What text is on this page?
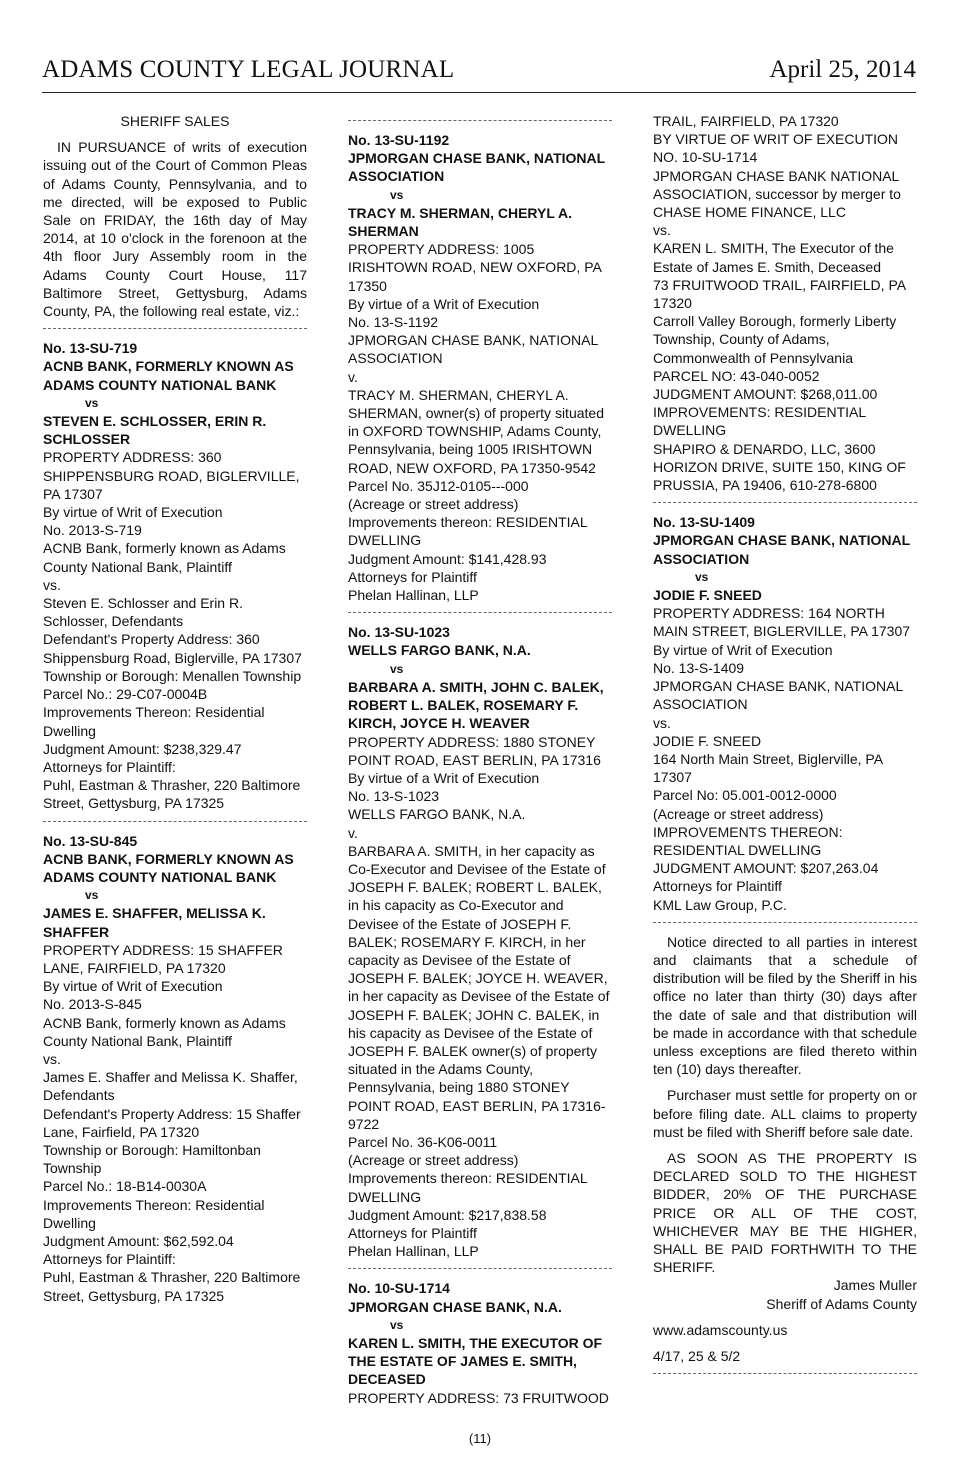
ADAMS COUNTY LEGAL JOURNAL	April 25, 2014
SHERIFF SALES
IN PURSUANCE of writs of execution issuing out of the Court of Common Pleas of Adams County, Pennsylvania, and to me directed, will be exposed to Public Sale on FRIDAY, the 16th day of May 2014, at 10 o'clock in the forenoon at the 4th floor Jury Assembly room in the Adams County Court House, 117 Baltimore Street, Gettysburg, Adams County, PA, the following real estate, viz.:
No. 13-SU-719
ACNB BANK, FORMERLY KNOWN AS ADAMS COUNTY NATIONAL BANK
vs
STEVEN E. SCHLOSSER, ERIN R. SCHLOSSER
PROPERTY ADDRESS: 360 SHIPPENSBURG ROAD, BIGLERVILLE, PA 17307
By virtue of Writ of Execution
No. 2013-S-719
ACNB Bank, formerly known as Adams County National Bank, Plaintiff
vs.
Steven E. Schlosser and Erin R. Schlosser, Defendants
Defendant's Property Address: 360 Shippensburg Road, Biglerville, PA 17307
Township or Borough: Menallen Township
Parcel No.: 29-C07-0004B
Improvements Thereon: Residential Dwelling
Judgment Amount: $238,329.47
Attorneys for Plaintiff:
Puhl, Eastman & Thrasher, 220 Baltimore Street, Gettysburg, PA 17325
No. 13-SU-845
ACNB BANK, FORMERLY KNOWN AS ADAMS COUNTY NATIONAL BANK
vs
JAMES E. SHAFFER, MELISSA K. SHAFFER
PROPERTY ADDRESS: 15 SHAFFER LANE, FAIRFIELD, PA 17320
By virtue of Writ of Execution
No. 2013-S-845
ACNB Bank, formerly known as Adams County National Bank, Plaintiff
vs.
James E. Shaffer and Melissa K. Shaffer, Defendants
Defendant's Property Address: 15 Shaffer Lane, Fairfield, PA 17320
Township or Borough: Hamiltonban Township
Parcel No.: 18-B14-0030A
Improvements Thereon: Residential Dwelling
Judgment Amount: $62,592.04
Attorneys for Plaintiff:
Puhl, Eastman & Thrasher, 220 Baltimore Street, Gettysburg, PA 17325
No. 13-SU-1192
JPMORGAN CHASE BANK, NATIONAL ASSOCIATION
vs
TRACY M. SHERMAN, CHERYL A. SHERMAN
PROPERTY ADDRESS: 1005 IRISHTOWN ROAD, NEW OXFORD, PA 17350
By virtue of a Writ of Execution
No. 13-S-1192
JPMORGAN CHASE BANK, NATIONAL ASSOCIATION
v.
TRACY M. SHERMAN, CHERYL A. SHERMAN, owner(s) of property situated in OXFORD TOWNSHIP, Adams County, Pennsylvania, being 1005 IRISHTOWN ROAD, NEW OXFORD, PA 17350-9542
Parcel No. 35J12-0105---000
(Acreage or street address)
Improvements thereon: RESIDENTIAL DWELLING
Judgment Amount: $141,428.93
Attorneys for Plaintiff
Phelan Hallinan, LLP
No. 13-SU-1023
WELLS FARGO BANK, N.A.
vs
BARBARA A. SMITH, JOHN C. BALEK, ROBERT L. BALEK, ROSEMARY F. KIRCH, JOYCE H. WEAVER
PROPERTY ADDRESS: 1880 STONEY POINT ROAD, EAST BERLIN, PA 17316
By virtue of a Writ of Execution
No. 13-S-1023
WELLS FARGO BANK, N.A.
v.
BARBARA A. SMITH, in her capacity as Co-Executor and Devisee of the Estate of JOSEPH F. BALEK; ROBERT L. BALEK, in his capacity as Co-Executor and Devisee of the Estate of JOSEPH F. BALEK; ROSEMARY F. KIRCH, in her capacity as Devisee of the Estate of JOSEPH F. BALEK; JOYCE H. WEAVER, in her capacity as Devisee of the Estate of JOSEPH F. BALEK; JOHN C. BALEK, in his capacity as Devisee of the Estate of JOSEPH F. BALEK owner(s) of property situated in the Adams County, Pennsylvania, being 1880 STONEY POINT ROAD, EAST BERLIN, PA 17316-9722
Parcel No. 36-K06-0011
(Acreage or street address)
Improvements thereon: RESIDENTIAL DWELLING
Judgment Amount: $217,838.58
Attorneys for Plaintiff
Phelan Hallinan, LLP
No. 10-SU-1714
JPMORGAN CHASE BANK, N.A.
vs
KAREN L. SMITH, THE EXECUTOR OF THE ESTATE OF JAMES E. SMITH, DECEASED
PROPERTY ADDRESS: 73 FRUITWOOD
TRAIL, FAIRFIELD, PA 17320
BY VIRTUE OF WRIT OF EXECUTION NO. 10-SU-1714
JPMORGAN CHASE BANK NATIONAL ASSOCIATION, successor by merger to CHASE HOME FINANCE, LLC
vs.
KAREN L. SMITH, The Executor of the Estate of James E. Smith, Deceased
73 FRUITWOOD TRAIL, FAIRFIELD, PA 17320
Carroll Valley Borough, formerly Liberty Township, County of Adams, Commonwealth of Pennsylvania
PARCEL NO: 43-040-0052
JUDGMENT AMOUNT: $268,011.00
IMPROVEMENTS: RESIDENTIAL DWELLING
SHAPIRO & DENARDO, LLC, 3600 HORIZON DRIVE, SUITE 150, KING OF PRUSSIA, PA 19406, 610-278-6800
No. 13-SU-1409
JPMORGAN CHASE BANK, NATIONAL ASSOCIATION
vs
JODIE F. SNEED
PROPERTY ADDRESS: 164 NORTH MAIN STREET, BIGLERVILLE, PA 17307
By virtue of Writ of Execution
No. 13-S-1409
JPMORGAN CHASE BANK, NATIONAL ASSOCIATION
vs.
JODIE F. SNEED
164 North Main Street, Biglerville, PA 17307
Parcel No: 05.001-0012-0000
(Acreage or street address)
IMPROVEMENTS THEREON: RESIDENTIAL DWELLING
JUDGMENT AMOUNT: $207,263.04
Attorneys for Plaintiff
KML Law Group, P.C.
Notice directed to all parties in interest and claimants that a schedule of distribution will be filed by the Sheriff in his office no later than thirty (30) days after the date of sale and that distribution will be made in accordance with that schedule unless exceptions are filed thereto within ten (10) days thereafter.
Purchaser must settle for property on or before filing date. ALL claims to property must be filed with Sheriff before sale date.
AS SOON AS THE PROPERTY IS DECLARED SOLD TO THE HIGHEST BIDDER, 20% OF THE PURCHASE PRICE OR ALL OF THE COST, WHICHEVER MAY BE THE HIGHER, SHALL BE PAID FORTHWITH TO THE SHERIFF.
James Muller
Sheriff of Adams County
www.adamscounty.us
4/17, 25 & 5/2
(11)
